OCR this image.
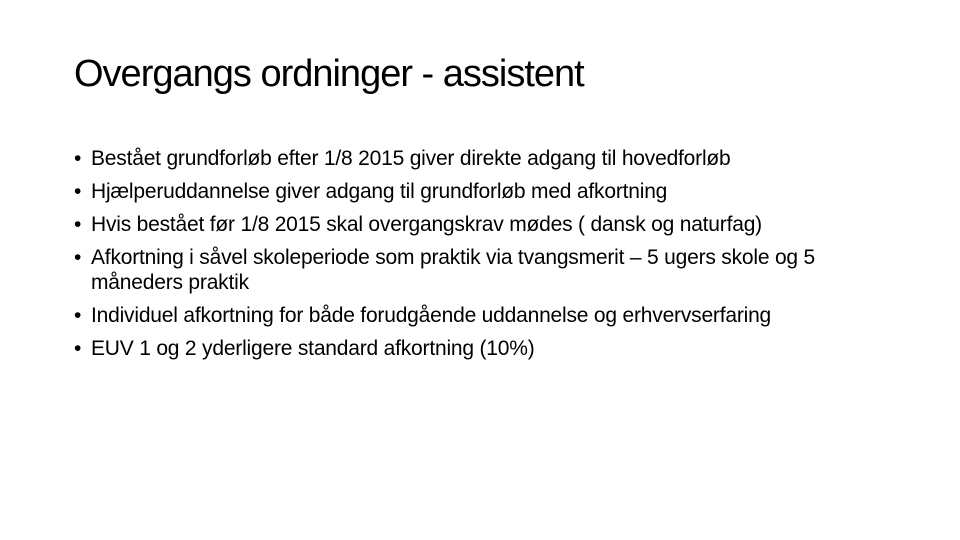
Overgangs ordninger - assistent
• Bestået grundforløb efter 1/8 2015 giver direkte adgang til hovedforløb
• Hjælperuddannelse giver adgang til grundforløb med afkortning
• Hvis bestået før 1/8 2015 skal overgangskrav mødes ( dansk og naturfag)
• Afkortning i såvel skoleperiode som praktik via tvangsmerit – 5 ugers skole og 5 måneders praktik
• Individuel afkortning for både forudgående uddannelse og erhvervserfaring
• EUV 1 og 2 yderligere standard afkortning (10%)
